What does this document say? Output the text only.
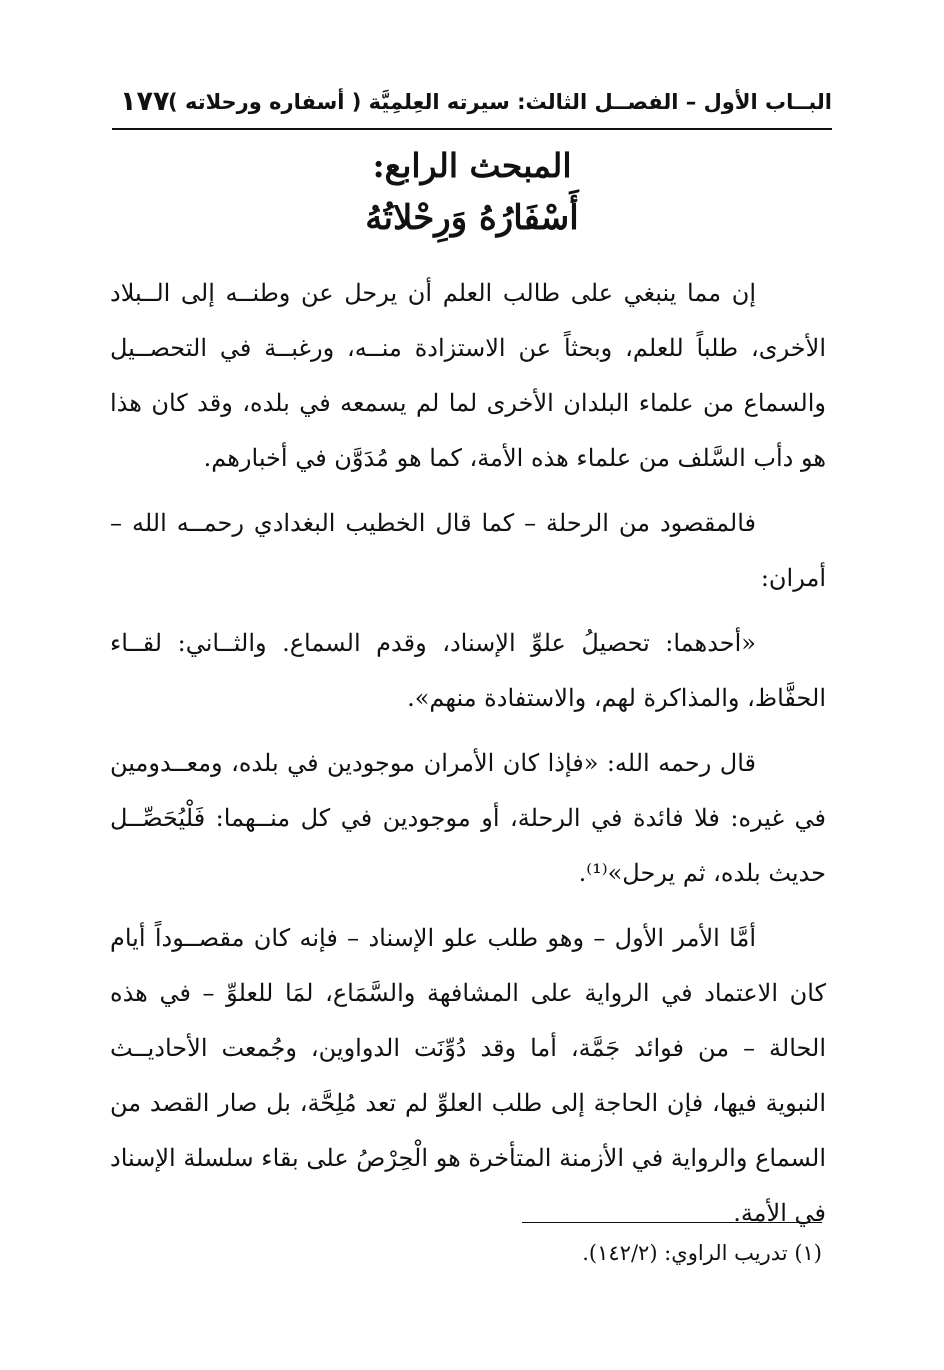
البــاب الأول – الفصــل الثالث: سيرته العِلمِيَّة ( أسفاره ورحلاته )
١٧٧
المبحث الرابع:
أَسْفَارُهُ وَرِحْلاتُهُ

إن مما ينبغي على طالب العلم أن يرحل عن وطنــه إلى الــبلاد الأخرى، طلباً للعلم، وبحثاً عن الاستزادة منــه، ورغبــة في التحصــيل والسماع من علماء البلدان الأخرى لما لم يسمعه في بلده، وقد كان هذا هو دأب السَّلف من علماء هذه الأمة، كما هو مُدَوَّن في أخبارهم.

فالمقصود من الرحلة – كما قال الخطيب البغدادي رحمــه الله – أمران:

«أحدهما: تحصيلُ علوِّ الإسناد، وقدم السماع. والثــاني: لقــاء الحفَّاظ، والمذاكرة لهم، والاستفادة منهم».

قال رحمه الله: «فإذا كان الأمران موجودين في بلده، ومعــدومين في غيره: فلا فائدة في الرحلة، أو موجودين في كل منــهما: فَلْيُحَصِّــل حديث بلده، ثم يرحل»⁽¹⁾.

أمَّا الأمر الأول – وهو طلب علو الإسناد – فإنه كان مقصــوداً أيام كان الاعتماد في الرواية على المشافهة والسَّمَاع، لمَا للعلوِّ – في هذه الحالة – من فوائد جَمَّة، أما وقد دُوِّنَت الدواوين، وجُمعت الأحاديــث النبوية فيها، فإن الحاجة إلى طلب العلوِّ لم تعد مُلِحَّة، بل صار القصد من السماع والرواية في الأزمنة المتأخرة هو الْحِرْصُ على بقاء سلسلة الإسناد في الأمة.

(١) تدريب الراوي: (١٤٢/٢).
